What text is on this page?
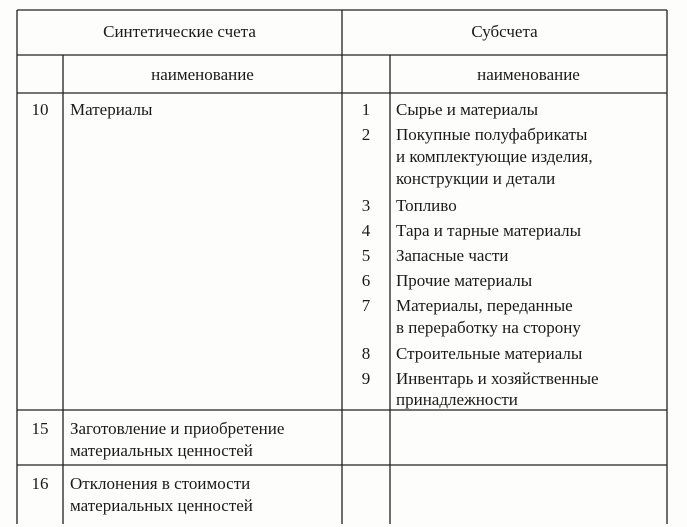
Синтетические счета	Субсчета
наименование	наименование
10	Материалы	1	Сырье и материалы
2	Покупные полуфабрикаты
и комплектующие изделия,
конструкции и детали
3	Топливо
4	Тара и тарные материалы
5	Запасные части
6	Прочие материалы
7	Материалы, переданные
в переработку на сторону
8	Строительные материалы
9	Инвентарь и хозяйственные
принадлежности
15	Заготовление и приобретение
материальных ценностей
16	Отклонения в стоимости
материальных ценностей
